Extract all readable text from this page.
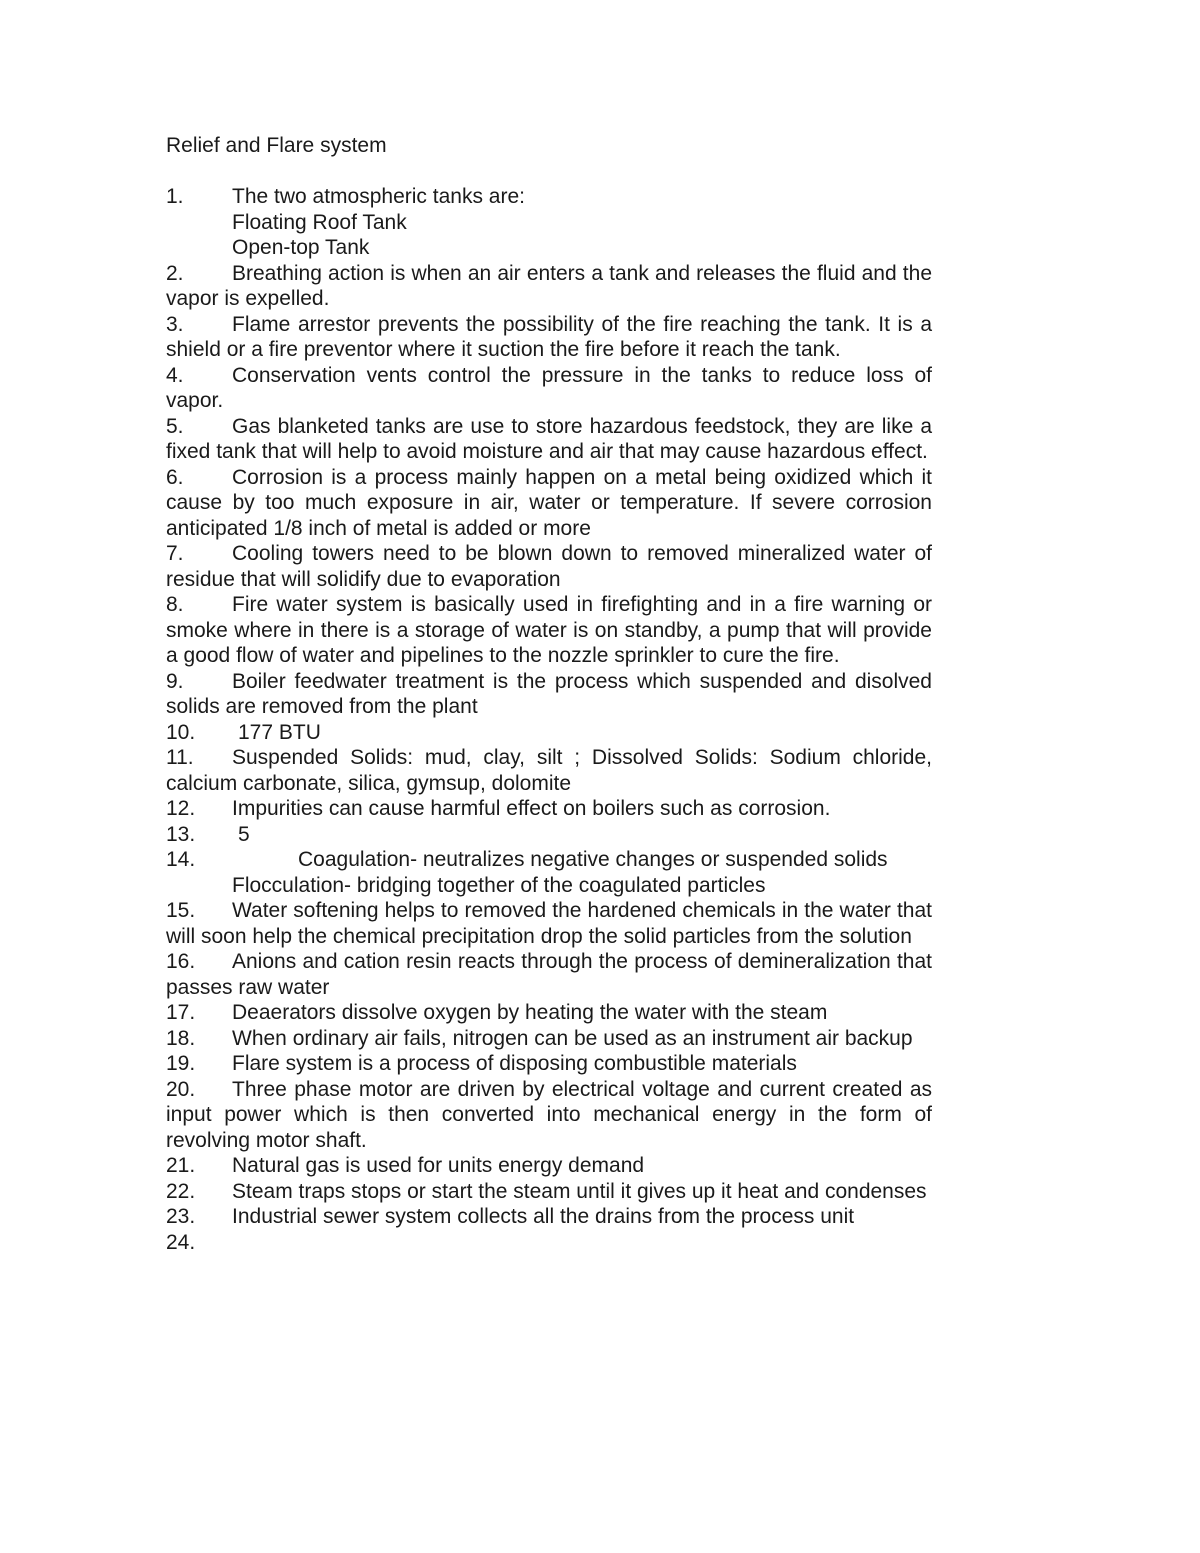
Relief and Flare system
1. The two atmospheric tanks are:
Floating Roof Tank
Open-top Tank
2. Breathing action is when an air enters a tank and releases the fluid and the vapor is expelled.
3. Flame arrestor prevents the possibility of the fire reaching the tank. It is a shield or a fire preventor where it suction the fire before it reach the tank.
4. Conservation vents control the pressure in the tanks to reduce loss of vapor.
5. Gas blanketed tanks are use to store hazardous feedstock, they are like a fixed tank that will help to avoid moisture and air that may cause hazardous effect.
6. Corrosion is a process mainly happen on a metal being oxidized which it cause by too much exposure in air, water or temperature. If severe corrosion anticipated 1/8 inch of metal is added or more
7. Cooling towers need to be blown down to removed mineralized water of residue that will solidify due to evaporation
8. Fire water system is basically used in firefighting and in a fire warning or smoke where in there is a storage of water is on standby, a pump that will provide a good flow of water and pipelines to the nozzle sprinkler to cure the fire.
9. Boiler feedwater treatment is the process which suspended and disolved solids are removed from the plant
10. 177 BTU
11. Suspended Solids: mud, clay, silt ; Dissolved Solids: Sodium chloride, calcium carbonate, silica, gymsup, dolomite
12. Impurities can cause harmful effect on boilers such as corrosion.
13. 5
14.	Coagulation- neutralizes negative changes or suspended solids
Flocculation- bridging together of the coagulated particles
15. Water softening helps to removed the hardened chemicals in the water that will soon help the chemical precipitation drop the solid particles from the solution
16. Anions and cation resin reacts through the process of demineralization that passes raw water
17. Deaerators dissolve oxygen by heating the water with the steam
18. When ordinary air fails, nitrogen can be used as an instrument air backup
19. Flare system is a process of disposing combustible materials
20. Three phase motor are driven by electrical voltage and current created as input power which is then converted into mechanical energy in the form of revolving motor shaft.
21. Natural gas is used for units energy demand
22. Steam traps stops or start the steam until it gives up it heat and condenses
23. Industrial sewer system collects all the drains from the process unit
24.
